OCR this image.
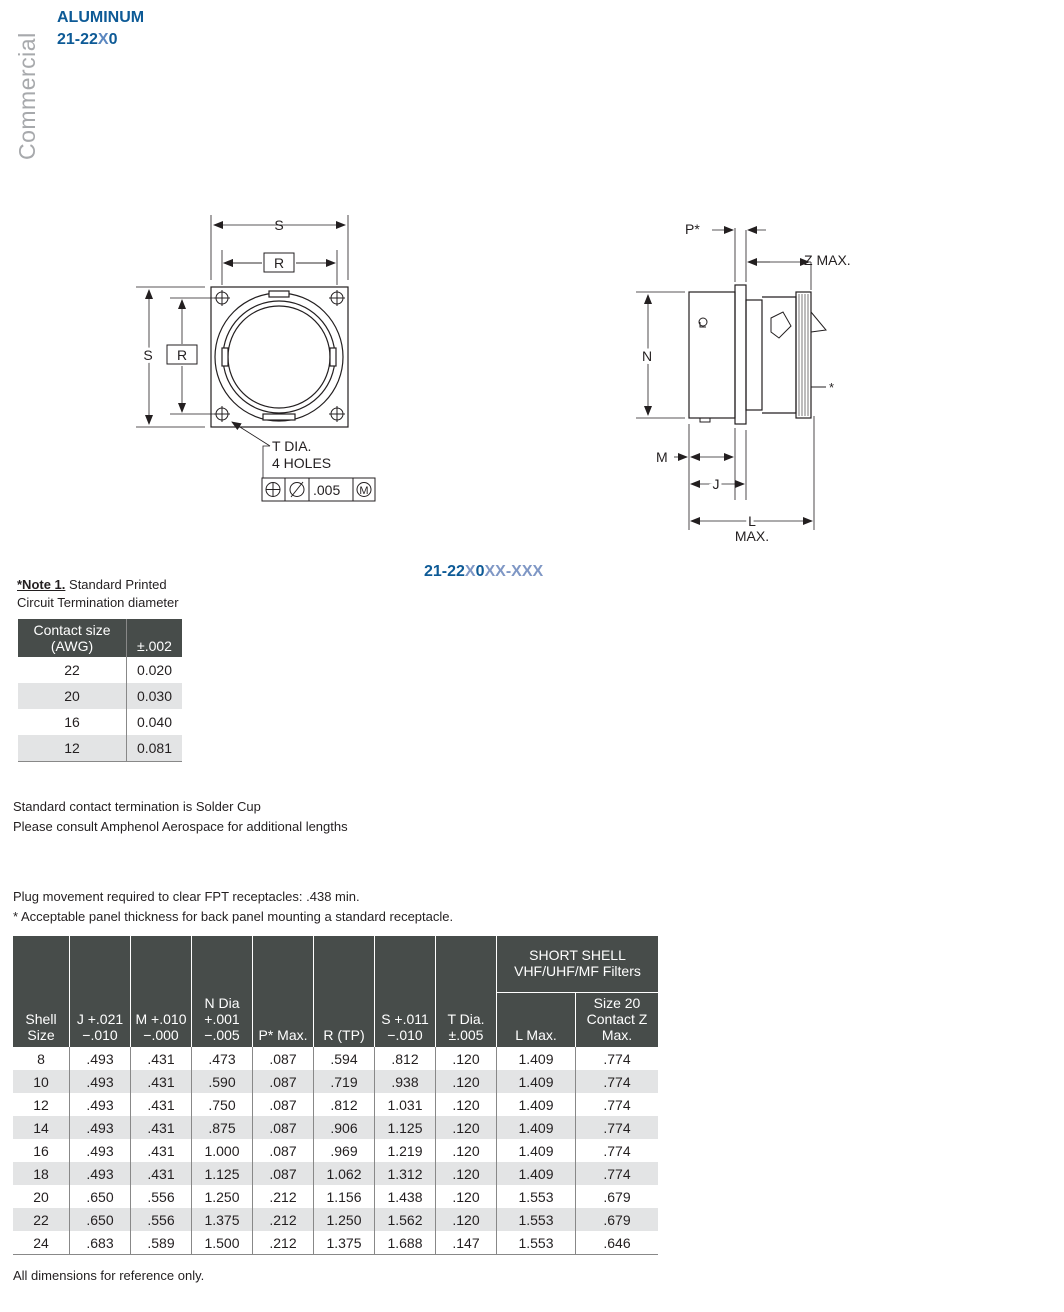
Commercial
ALUMINUM
21-22X0
S
R
S R
T DIA.
4 HOLES
.005 M
P*
Z MAX.
N
M
J
L
MAX.
*
21-22X0XX-XXX
*Note 1. Standard Printed
Circuit Termination diameter
Contact size (AWG)	±.002
22	0.020
20	0.030
16	0.040
12	0.081
Standard contact termination is Solder Cup
Please consult Amphenol Aerospace for additional lengths
Plug movement required to clear FPT receptacles: .438 min.
* Acceptable panel thickness for back panel mounting a standard receptacle.
Shell Size	J +.021 −.010	M +.010 −.000	N Dia +.001 −.005	P* Max.	R (TP)	S +.011 −.010	T Dia. ±.005	SHORT SHELL VHF/UHF/MF Filters	
								L Max.	Size 20 Contact Z Max.
8	.493	.431	.473	.087	.594	.812	.120	1.409	.774
10	.493	.431	.590	.087	.719	.938	.120	1.409	.774
12	.493	.431	.750	.087	.812	1.031	.120	1.409	.774
14	.493	.431	.875	.087	.906	1.125	.120	1.409	.774
16	.493	.431	1.000	.087	.969	1.219	.120	1.409	.774
18	.493	.431	1.125	.087	1.062	1.312	.120	1.409	.774
20	.650	.556	1.250	.212	1.156	1.438	.120	1.553	.679
22	.650	.556	1.375	.212	1.250	1.562	.120	1.553	.679
24	.683	.589	1.500	.212	1.375	1.688	.147	1.553	.646
All dimensions for reference only.
